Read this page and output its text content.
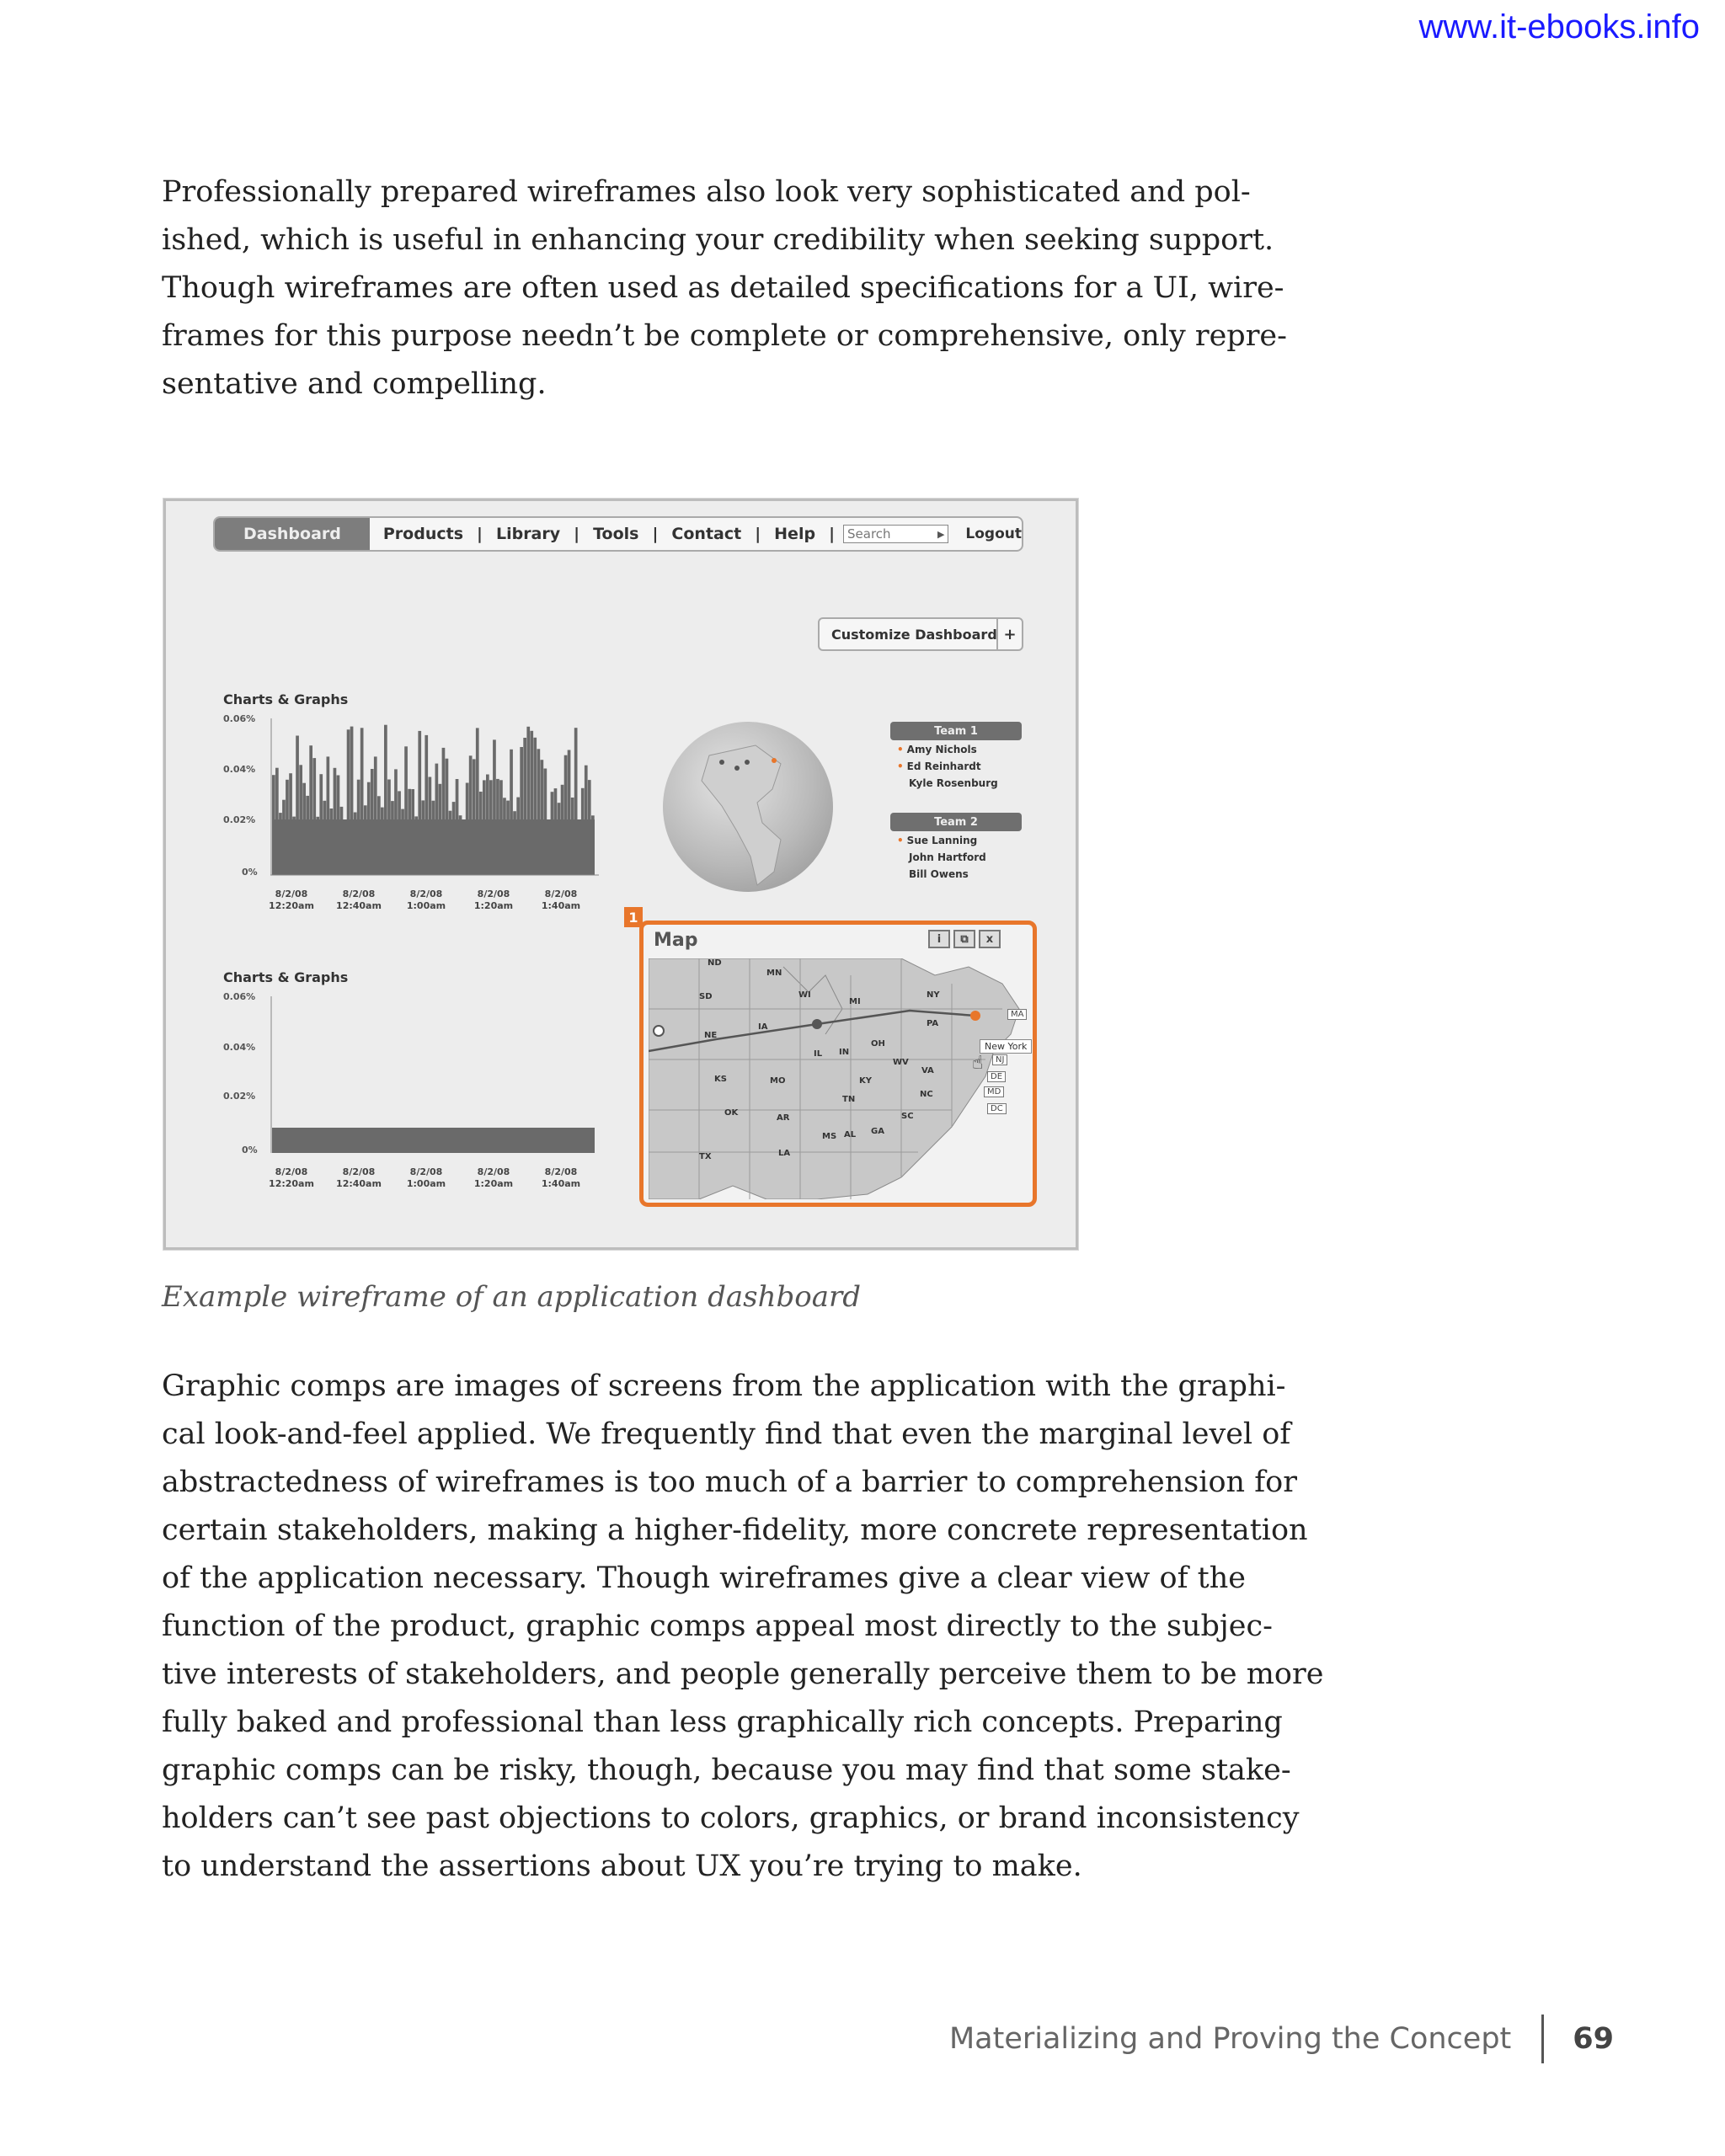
www.it-ebooks.info

Professionally prepared wireframes also look very sophisticated and pol-
ished, which is useful in enhancing your credibility when seeking support.
Though wireframes are often used as detailed specifications for a UI, wire-
frames for this purpose needn’t be complete or comprehensive, only repre-
sentative and compelling.

Dashboard	Products | Library | Tools | Contact | Help | Search	▶ Logout
Customize Dashboard +
Charts & Graphs
0.06%
0.04%
0.02%
0%
8/2/08
12:20am
8/2/08
12:40am
8/2/08
1:00am
8/2/08
1:20am
8/2/08
1:40am
Charts & Graphs
0.06%
0.04%
0.02%
0%
8/2/08
12:20am
8/2/08
12:40am
8/2/08
1:00am
8/2/08
1:20am
8/2/08
1:40am
Team 1
• Amy Nichols
• Ed Reinhardt
Kyle Rosenburg
Team 2
• Sue Lanning
John Hartford
Bill Owens
Map	i	⧉	x
ND
MN
SD	WI
MI
NY
NE
IA	PA
IL IN
OH
KS	MO	KY
WV
VA
NC
TN
OK
AR	SC
MS AL GA
LA
TX
New York
MA
NJ
DE
MD
DC
☝
1
Example wireframe of an application dashboard

Graphic comps are images of screens from the application with the graphi-
cal look-and-feel applied. We frequently find that even the marginal level of
abstractedness of wireframes is too much of a barrier to comprehension for
certain stakeholders, making a higher-fidelity, more concrete representation
of the application necessary. Though wireframes give a clear view of the
function of the product, graphic comps appeal most directly to the subjec-
tive interests of stakeholders, and people generally perceive them to be more
fully baked and professional than less graphically rich concepts. Preparing
graphic comps can be risky, though, because you may find that some stake-
holders can’t see past objections to colors, graphics, or brand inconsistency
to understand the assertions about UX you’re trying to make.

Materializing and Proving the Concept 69
